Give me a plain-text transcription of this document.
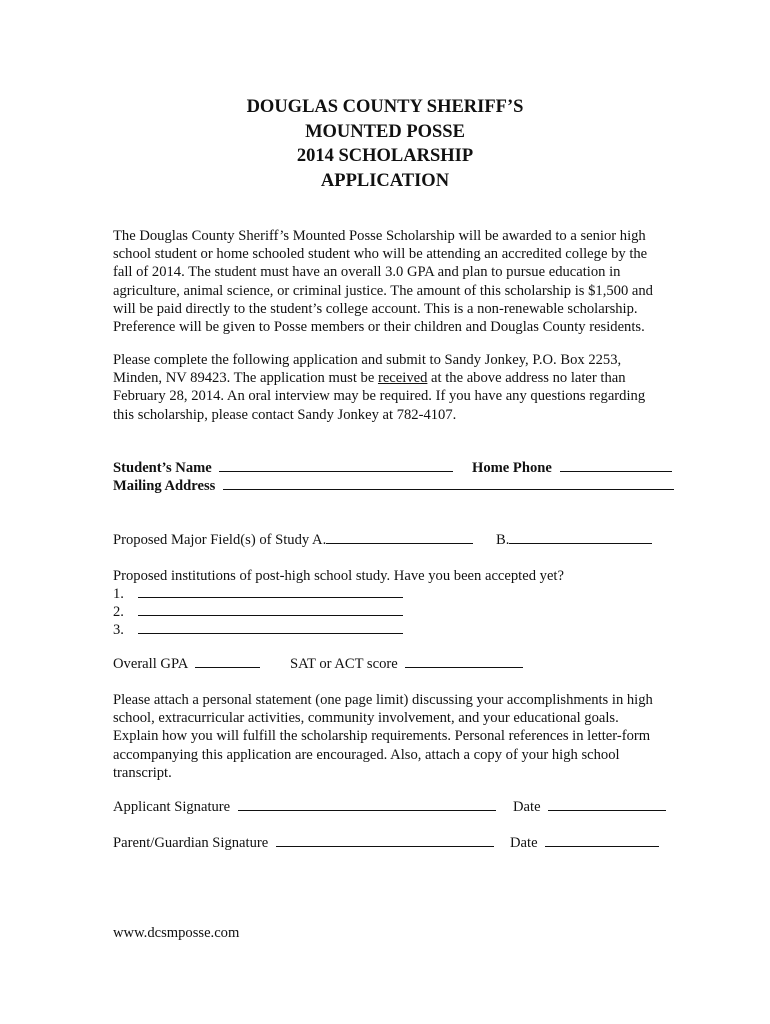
DOUGLAS COUNTY SHERIFF’S
MOUNTED POSSE
2014 SCHOLARSHIP
APPLICATION
The Douglas County Sheriff’s Mounted Posse Scholarship will be awarded to a senior high
school student or home schooled student who will be attending an accredited college by the
fall of 2014. The student must have an overall 3.0 GPA and plan to pursue education in
agriculture, animal science, or criminal justice. The amount of this scholarship is $1,500 and
will be paid directly to the student’s college account. This is a non-renewable scholarship.
Preference will be given to Posse members or their children and Douglas County residents.
Please complete the following application and submit to Sandy Jonkey, P.O. Box 2253,
Minden, NV 89423. The application must be received at the above address no later than
February 28, 2014. An oral interview may be required. If you have any questions regarding
this scholarship, please contact Sandy Jonkey at 782-4107.
Student’s Name	Home Phone
Mailing Address
Proposed Major Field(s) of Study A.	B.
Proposed institutions of post-high school study. Have you been accepted yet?
1.
2.
3.
Overall GPA	SAT or ACT score
Please attach a personal statement (one page limit) discussing your accomplishments in high
school, extracurricular activities, community involvement, and your educational goals.
Explain how you will fulfill the scholarship requirements. Personal references in letter-form
accompanying this application are encouraged. Also, attach a copy of your high school
transcript.
Applicant Signature	Date
Parent/Guardian Signature	Date
www.dcsmposse.com
